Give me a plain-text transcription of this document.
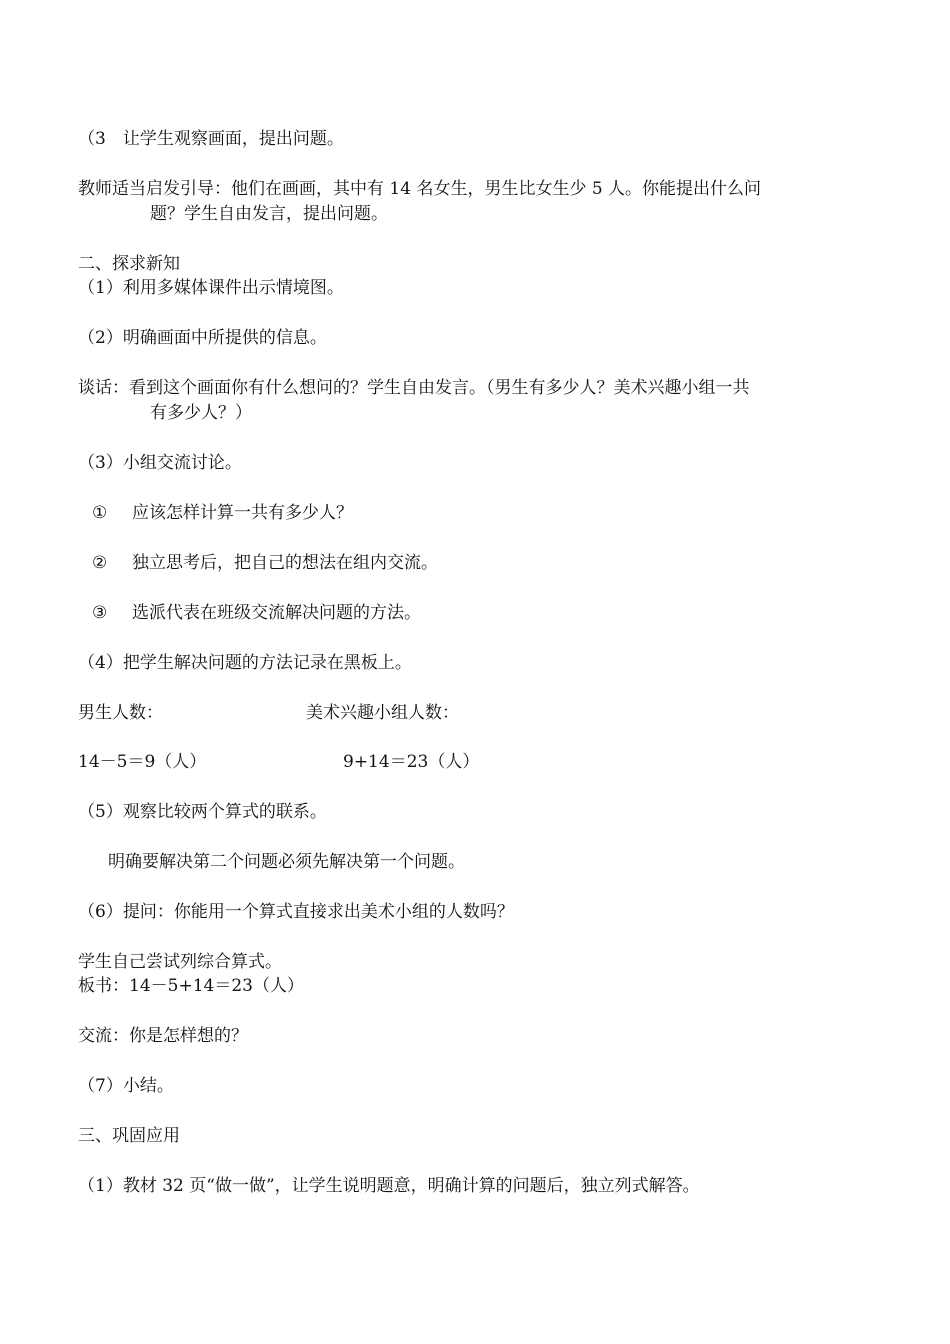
（3　让学生观察画面，提出问题。

教师适当启发引导：他们在画画，其中有 14 名女生，男生比女生少 5 人。你能提出什么问

题？学生自由发言，提出问题。

二、探求新知

（1）利用多媒体课件出示情境图。

（2）明确画面中所提供的信息。

谈话：看到这个画面你有什么想问的？学生自由发言。（男生有多少人？美术兴趣小组一共

有多少人？）

（3）小组交流讨论。

① 应该怎样计算一共有多少人？

② 独立思考后，把自己的想法在组内交流。

③ 选派代表在班级交流解决问题的方法。

（4）把学生解决问题的方法记录在黑板上。

男生人数：	美术兴趣小组人数：

14－5＝9（人）	9+14＝23（人）

（5）观察比较两个算式的联系。

明确要解决第二个问题必须先解决第一个问题。

（6）提问：你能用一个算式直接求出美术小组的人数吗？

学生自己尝试列综合算式。

板书：14－5+14＝23（人）

交流：你是怎样想的？

（7）小结。

三、巩固应用

（1）教材 32 页“做一做”，让学生说明题意，明确计算的问题后，独立列式解答。
